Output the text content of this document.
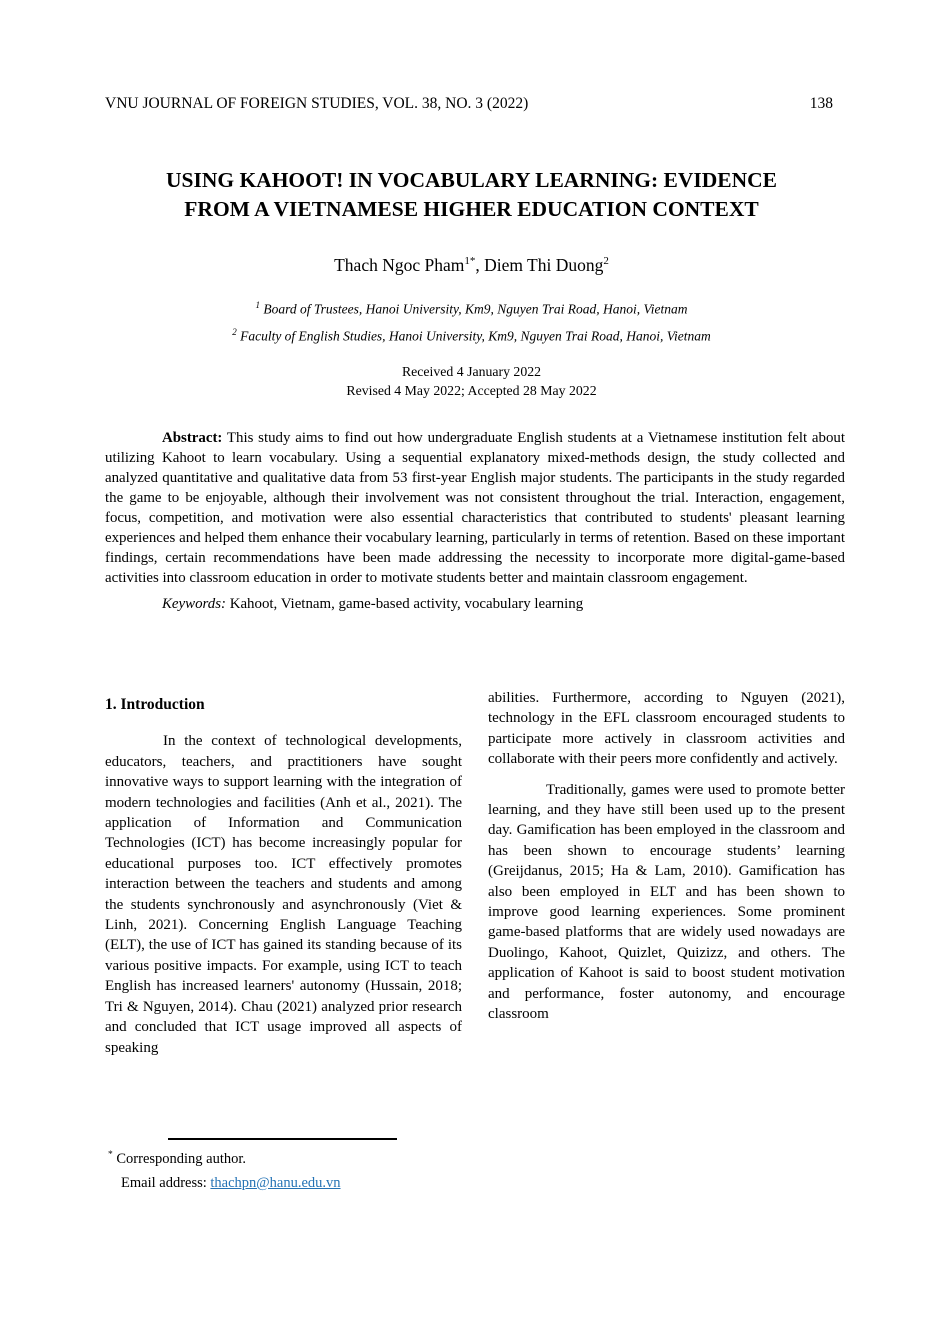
VNU JOURNAL OF FOREIGN STUDIES, VOL. 38, NO. 3 (2022)	138
USING KAHOOT! IN VOCABULARY LEARNING: EVIDENCE
FROM A VIETNAMESE HIGHER EDUCATION CONTEXT
Thach Ngoc Pham$^{1*}$, Diem Thi Duong$^2$
$^1$ Board of Trustees, Hanoi University, Km9, Nguyen Trai Road, Hanoi, Vietnam
$^2$ Faculty of English Studies, Hanoi University, Km9, Nguyen Trai Road, Hanoi, Vietnam
Received 4 January 2022
Revised 4 May 2022; Accepted 28 May 2022

Abstract: This study aims to find out how undergraduate English students at a Vietnamese institution felt about utilizing Kahoot to learn vocabulary. Using a sequential explanatory mixed-methods design, the study collected and analyzed quantitative and qualitative data from 53 first-year English major students. The participants in the study regarded the game to be enjoyable, although their involvement was not consistent throughout the trial. Interaction, engagement, focus, competition, and motivation were also essential characteristics that contributed to students' pleasant learning experiences and helped them enhance their vocabulary learning, particularly in terms of retention. Based on these important findings, certain recommendations have been made addressing the necessity to incorporate more digital-game-based activities into classroom education in order to motivate students better and maintain classroom engagement.

Keywords: Kahoot, Vietnam, game-based activity, vocabulary learning
1. Introduction

In the context of technological developments, educators, teachers, and practitioners have sought innovative ways to support learning with the integration of modern technologies and facilities (Anh et al., 2021). The application of Information and Communication Technologies (ICT) has become increasingly popular for educational purposes too. ICT effectively promotes interaction between the teachers and students and among the students synchronously and asynchronously (Viet & Linh, 2021). Concerning English Language Teaching (ELT), the use of ICT has gained its standing because of its various positive impacts. For example, using ICT to teach English has increased learners' autonomy (Hussain, 2018; Tri & Nguyen, 2014). Chau (2021) analyzed prior research and concluded that ICT usage improved all aspects of speaking

abilities. Furthermore, according to Nguyen (2021), technology in the EFL classroom encouraged students to participate more actively in classroom activities and collaborate with their peers more confidently and actively.

Traditionally, games were used to promote better learning, and they have still been used up to the present day. Gamification has been employed in the classroom and has been shown to encourage students’ learning (Greijdanus, 2015; Ha & Lam, 2010). Gamification has also been employed in ELT and has been shown to improve good learning experiences. Some prominent game-based platforms that are widely used nowadays are Duolingo, Kahoot, Quizlet, Quizizz, and others. The application of Kahoot is said to boost student motivation and performance, foster autonomy, and encourage classroom

* Corresponding author.
Email address: thachpn@hanu.edu.vn
